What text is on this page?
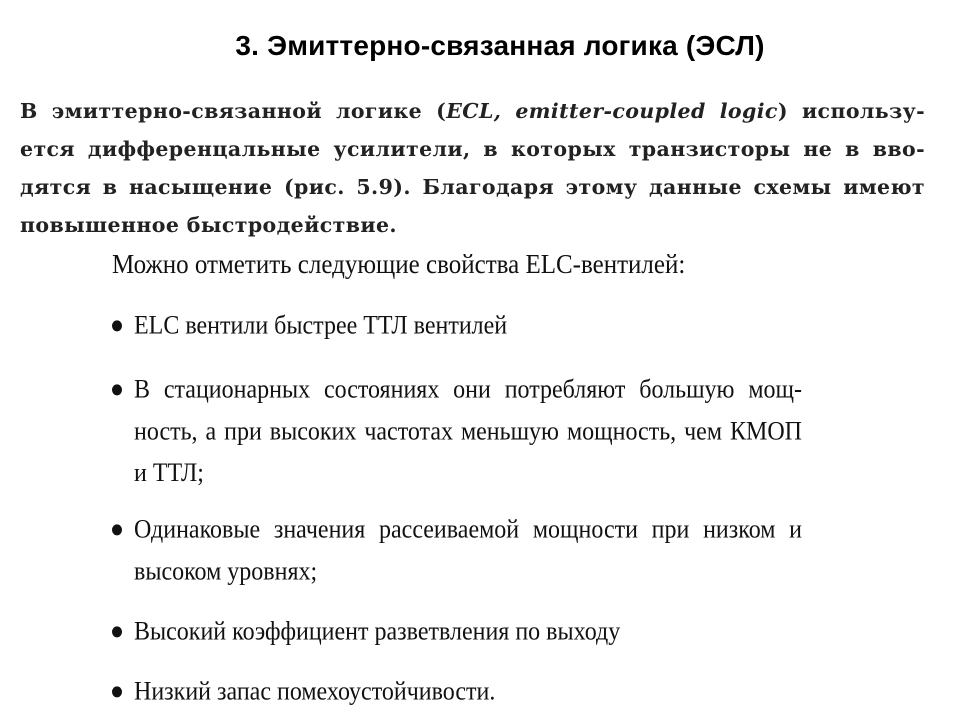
3. Эмиттерно-связанная логика (ЭСЛ)
В эмиттерно-связанной логике (ECL, emitter-coupled logic) использу-ется дифференцальные усилители, в которых транзисторы не в вво-дятся в насыщение (рис. 5.9). Благодаря этому данные схемы имеют повышенное быстродействие.
Можно отметить следующие свойства ELC-вентилей:
ELC вентили быстрее ТТЛ вентилей
В стационарных состояниях они потребляют большую мощ-ность, а при высоких частотах меньшую мощность, чем КМОП и ТТЛ;
Одинаковые значения рассеиваемой мощности при низком и высоком уровнях;
Высокий коэффициент разветвления по выходу
Низкий запас помехоустойчивости.
